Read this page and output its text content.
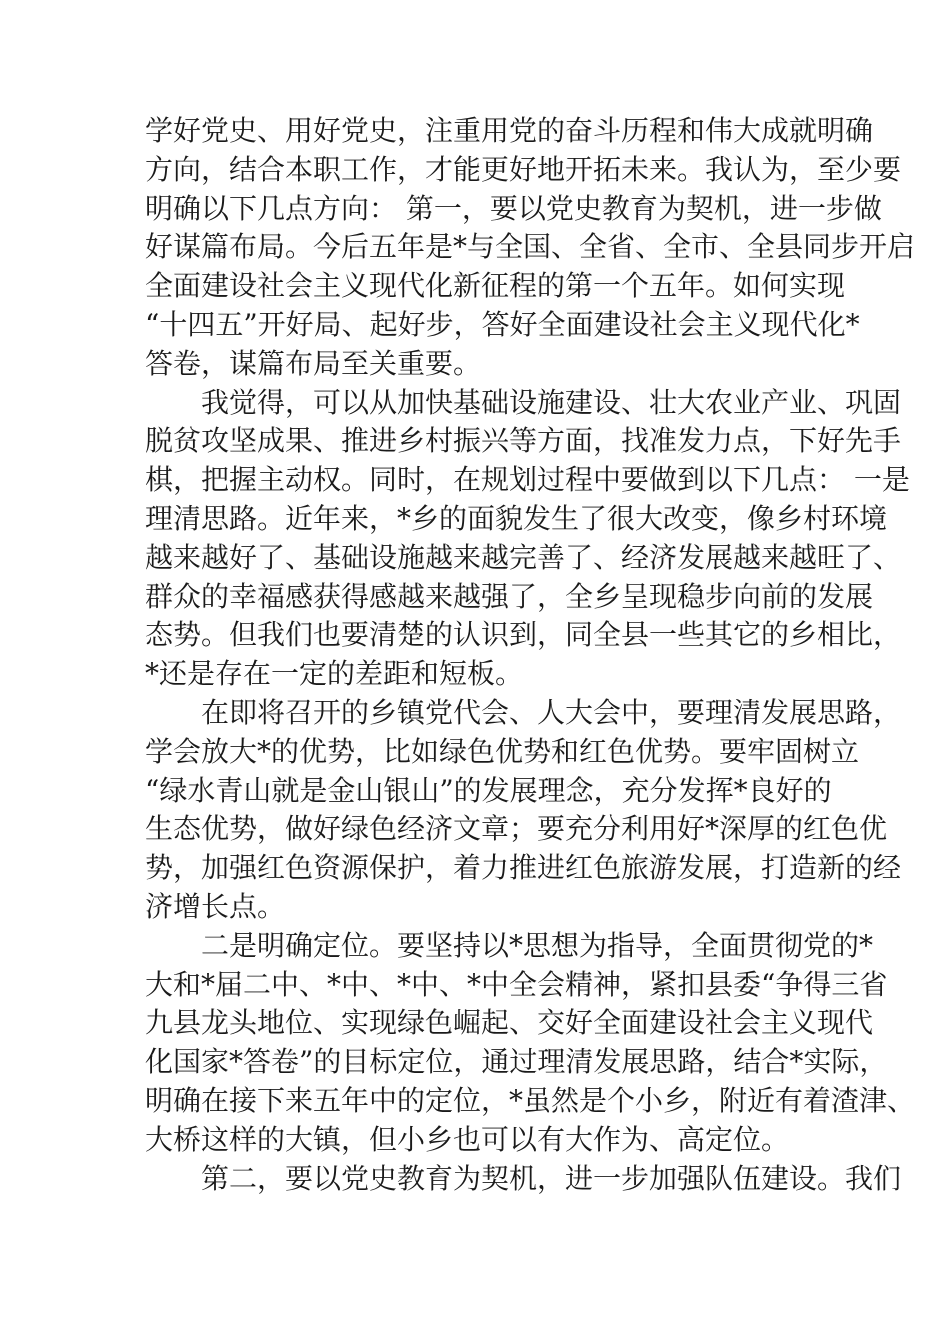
学好党史、用好党史，注重用党的奋斗历程和伟大成就明确
方向，结合本职工作，才能更好地开拓未来。我认为，至少要
明确以下几点方向： 第一，要以党史教育为契机，进一步做
好谋篇布局。今后五年是*与全国、全省、全市、全县同步开启
全面建设社会主义现代化新征程的第一个五年。如何实现
“十四五”开好局、起好步，答好全面建设社会主义现代化*
答卷，谋篇布局至关重要。
我觉得，可以从加快基础设施建设、壮大农业产业、巩固
脱贫攻坚成果、推进乡村振兴等方面，找准发力点，下好先手
棋，把握主动权。同时，在规划过程中要做到以下几点： 一是
理清思路。近年来，*乡的面貌发生了很大改变，像乡村环境
越来越好了、基础设施越来越完善了、经济发展越来越旺了、
群众的幸福感获得感越来越强了，全乡呈现稳步向前的发展
态势。但我们也要清楚的认识到，同全县一些其它的乡相比，
*还是存在一定的差距和短板。
在即将召开的乡镇党代会、人大会中，要理清发展思路，
学会放大*的优势，比如绿色优势和红色优势。要牢固树立
“绿水青山就是金山银山”的发展理念，充分发挥*良好的
生态优势，做好绿色经济文章；要充分利用好*深厚的红色优
势，加强红色资源保护，着力推进红色旅游发展，打造新的经
济增长点。
二是明确定位。要坚持以*思想为指导，全面贯彻党的*
大和*届二中、*中、*中、*中全会精神，紧扣县委“争得三省
九县龙头地位、实现绿色崛起、交好全面建设社会主义现代
化国家*答卷”的目标定位，通过理清发展思路，结合*实际，
明确在接下来五年中的定位，*虽然是个小乡，附近有着渣津、
大桥这样的大镇，但小乡也可以有大作为、高定位。
第二，要以党史教育为契机，进一步加强队伍建设。我们
